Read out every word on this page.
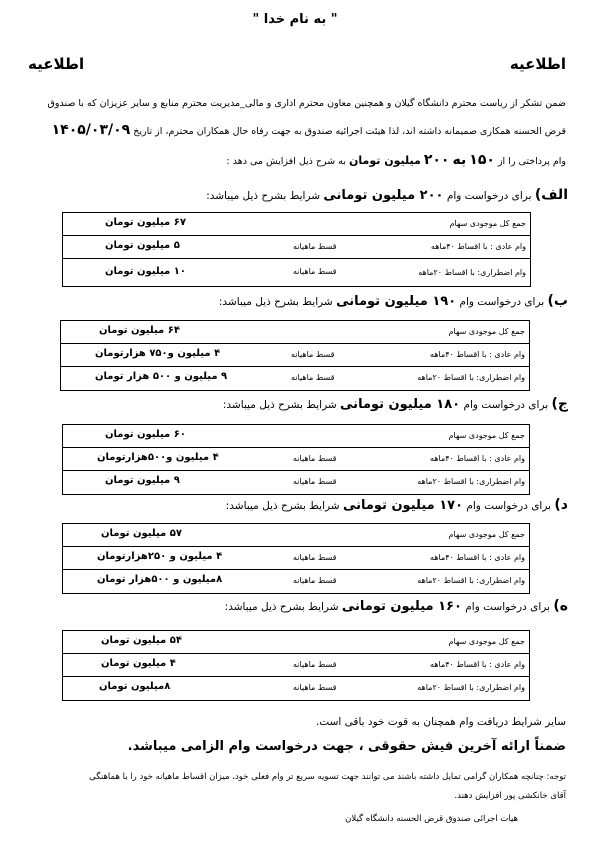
" به نام خدا "
اطلاعیه
اطلاعیه
ضمن تشکر از ریاست محترم دانشگاه گیلان و همچنین معاون محترم اداری و مالی_مدیریت محترم منابع و سایر عزیزان که با صندوق
قرض الحسنه همکاری صمیمانه داشته اند، لذا هیئت اجرائیه صندوق به جهت رفاه حال همکاران محترم، از تاریخ ۱۴۰۵/۰۳/۰۹
وام پرداختی را از ۱۵۰ به ۲۰۰ میلیون تومان به شرح ذیل افزایش می دهد :
الف) برای درخواست وام ۲۰۰ میلیون تومانی شرایط بشرح ذیل میباشد:
جمع کل موجودی سهام
۶۷ میلیون تومان
وام عادی : با اقساط ۴۰ماهه
قسط ماهیانه
۵ میلیون تومان
وام اضطراری: با اقساط ۲۰ماهه
قسط ماهیانه
۱۰ میلیون تومان
ب) برای درخواست وام ۱۹۰ میلیون تومانی شرایط بشرح ذیل میباشد:
جمع کل موجودی سهام
۶۴ میلیون تومان
وام عادی : با اقساط ۴۰ماهه
قسط ماهیانه
۴ میلیون و۷۵۰ هزارتومان
وام اضطراری: با اقساط ۲۰ماهه
قسط ماهیانه
۹ میلیون و ۵۰۰ هزار تومان
ج) برای درخواست وام ۱۸۰ میلیون تومانی شرایط بشرح ذیل میباشد:
جمع کل موجودی سهام
۶۰ میلیون تومان
وام عادی : با اقساط ۴۰ماهه
قسط ماهیانه
۴ میلیون و۵۰۰هزارتومان
وام اضطراری: با اقساط ۲۰ماهه
قسط ماهیانه
۹ میلیون تومان
د) برای درخواست وام ۱۷۰ میلیون تومانی شرایط بشرح ذیل میباشد:
جمع کل موجودی سهام
۵۷ میلیون تومان
وام عادی : با اقساط ۴۰ماهه
قسط ماهیانه
۴ میلیون و ۲۵۰هزارتومان
وام اضطراری: با اقساط ۲۰ماهه
قسط ماهیانه
۸میلیون و ۵۰۰هزار تومان
ه) برای درخواست وام ۱۶۰ میلیون تومانی شرایط بشرح ذیل میباشد:
جمع کل موجودی سهام
۵۴ میلیون تومان
وام عادی : با اقساط ۴۰ماهه
قسط ماهیانه
۴ میلیون تومان
وام اضطراری: با اقساط ۲۰ماهه
قسط ماهیانه
۸میلیون تومان
سایر شرایط دریافت وام همچنان به قوت خود باقی است.
ضمناً ارائه آخرین فیش حقوقی ، جهت درخواست وام الزامی میباشد.
توجه: چنانچه همکاران گرامی تمایل داشته باشند می توانند جهت تسویه سریع تر وام فعلی خود، میزان اقساط ماهیانه خود را با هماهنگی
آقای خانکشی پور افزایش دهند.
هیات اجرائی صندوق قرض الحسنه دانشگاه گیلان
